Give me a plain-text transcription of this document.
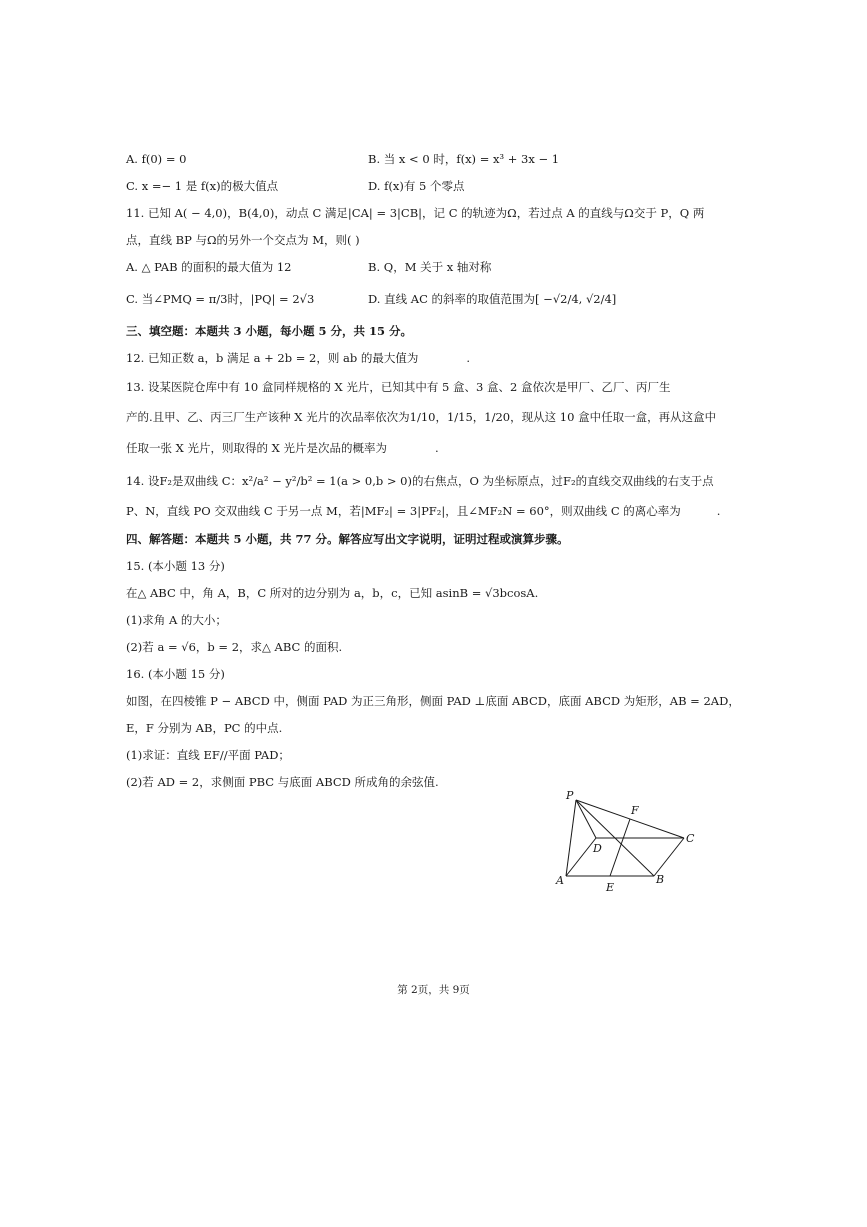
A. f(0) = 0	B. 当 x < 0 时，f(x) = x³ + 3x − 1
C. x =− 1 是 f(x)的极大值点	D. f(x)有 5 个零点
11. 已知 A( − 4,0)，B(4,0)，动点 C 满足|CA| = 3|CB|，记 C 的轨迹为Ω，若过点 A 的直线与Ω交于 P，Q 两
点，直线 BP 与Ω的另外一个交点为 M，则( )
A. △ PAB 的面积的最大值为 12	B. Q，M 关于 x 轴对称
C. 当∠PMQ = π/3时，|PQ| = 2√3	D. 直线 AC 的斜率的取值范围为[ −√2/4, √2/4]
三、填空题：本题共 3 小题，每小题 5 分，共 15 分。
12. 已知正数 a，b 满足 a + 2b = 2，则 ab 的最大值为	.
13. 设某医院仓库中有 10 盒同样规格的 X 光片，已知其中有 5 盒、3 盒、2 盒依次是甲厂、乙厂、丙厂生
产的.且甲、乙、丙三厂生产该种 X 光片的次品率依次为1/10，1/15，1/20，现从这 10 盒中任取一盒，再从这盒中
任取一张 X 光片，则取得的 X 光片是次品的概率为	.
14. 设F₂是双曲线 C：x²/a² − y²/b² = 1(a > 0,b > 0)的右焦点，O 为坐标原点，过F₂的直线交双曲线的右支于点
P、N，直线 PO 交双曲线 C 于另一点 M，若|MF₂| = 3|PF₂|，且∠MF₂N = 60°，则双曲线 C 的离心率为	.
四、解答题：本题共 5 小题，共 77 分。解答应写出文字说明，证明过程或演算步骤。
15. (本小题 13 分)
在△ ABC 中，角 A，B，C 所对的边分别为 a，b，c，已知 asinB = √3bcosA.
(1)求角 A 的大小；
(2)若 a = √6，b = 2，求△ ABC 的面积.
16. (本小题 15 分)
如图，在四棱锥 P − ABCD 中，侧面 PAD 为正三角形，侧面 PAD ⊥底面 ABCD，底面 ABCD 为矩形，AB = 2AD，
E，F 分别为 AB，PC 的中点.
(1)求证：直线 EF//平面 PAD；
(2)若 AD = 2，求侧面 PBC 与底面 ABCD 所成角的余弦值.
P
F
C
D
A
E
B
第 2页，共 9页
